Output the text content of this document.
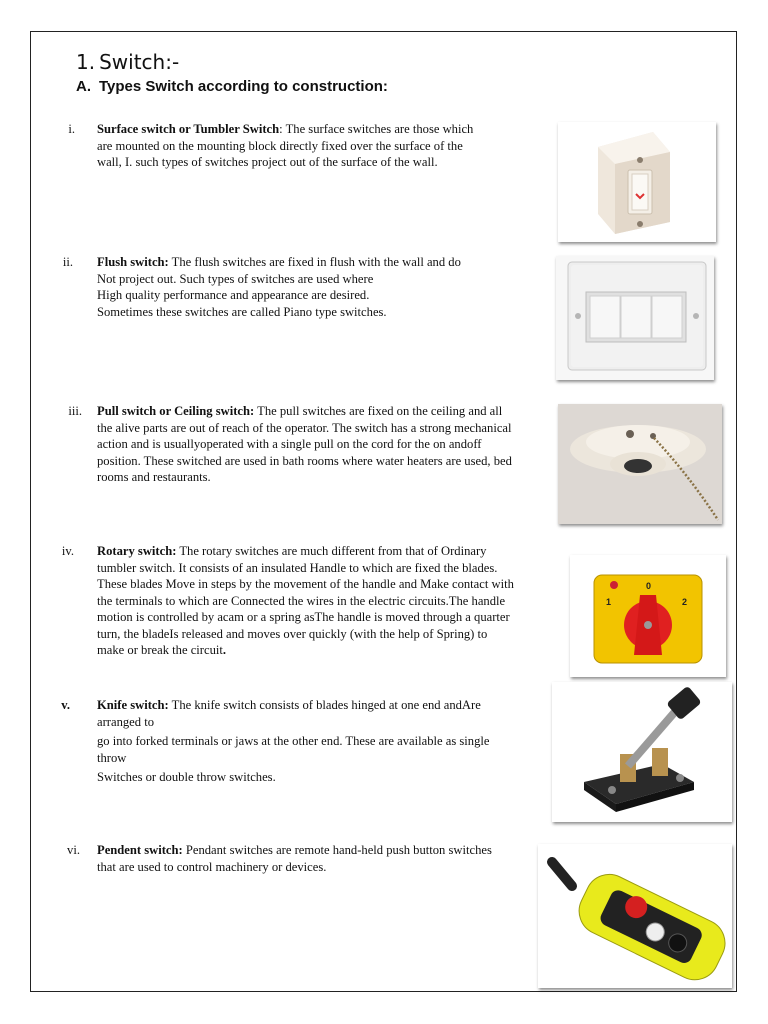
1. Switch:-
A. Types Switch according to construction:
i. Surface switch or Tumbler Switch: The surface switches are those which

are mounted on the mounting block directly fixed over the surface of the

wall, I. such types of switches project out of the surface of the wall.

ii. Flush switch: The flush switches are fixed in flush with the wall and do

Not project out. Such types of switches are used where

High quality performance and appearance are desired.

Sometimes these switches are called Piano type switches.

iii. Pull switch or Ceiling switch: The pull switches are fixed on the ceiling and all

the alive parts are out of reach of the operator. The switch has a strong mechanical

action and is usuallyoperated with a single pull on the cord for the on andoff

position. These switched are used in bath rooms where water heaters are used, bed

rooms and restaurants.

iv. Rotary switch: The rotary switches are much different from that of Ordinary

tumbler switch. It consists of an insulated Handle to which are fixed the blades.

These blades Move in steps by the movement of the handle and Make contact with

the terminals to which are Connected the wires in the electric circuits.The handle

motion is controlled by acam or a spring asThe handle is moved through a quarter

turn, the bladeIs released and moves over quickly (with the help of Spring) to

make or break the circuit.

v. Knife switch: The knife switch consists of blades hinged at one end andAre

arranged to

go into forked terminals or jaws at the other end. These are available as single

throw

Switches or double throw switches.

vi. Pendent switch: Pendant switches are remote hand-held push button switches

that are used to control machinery or devices.

0
1	2
